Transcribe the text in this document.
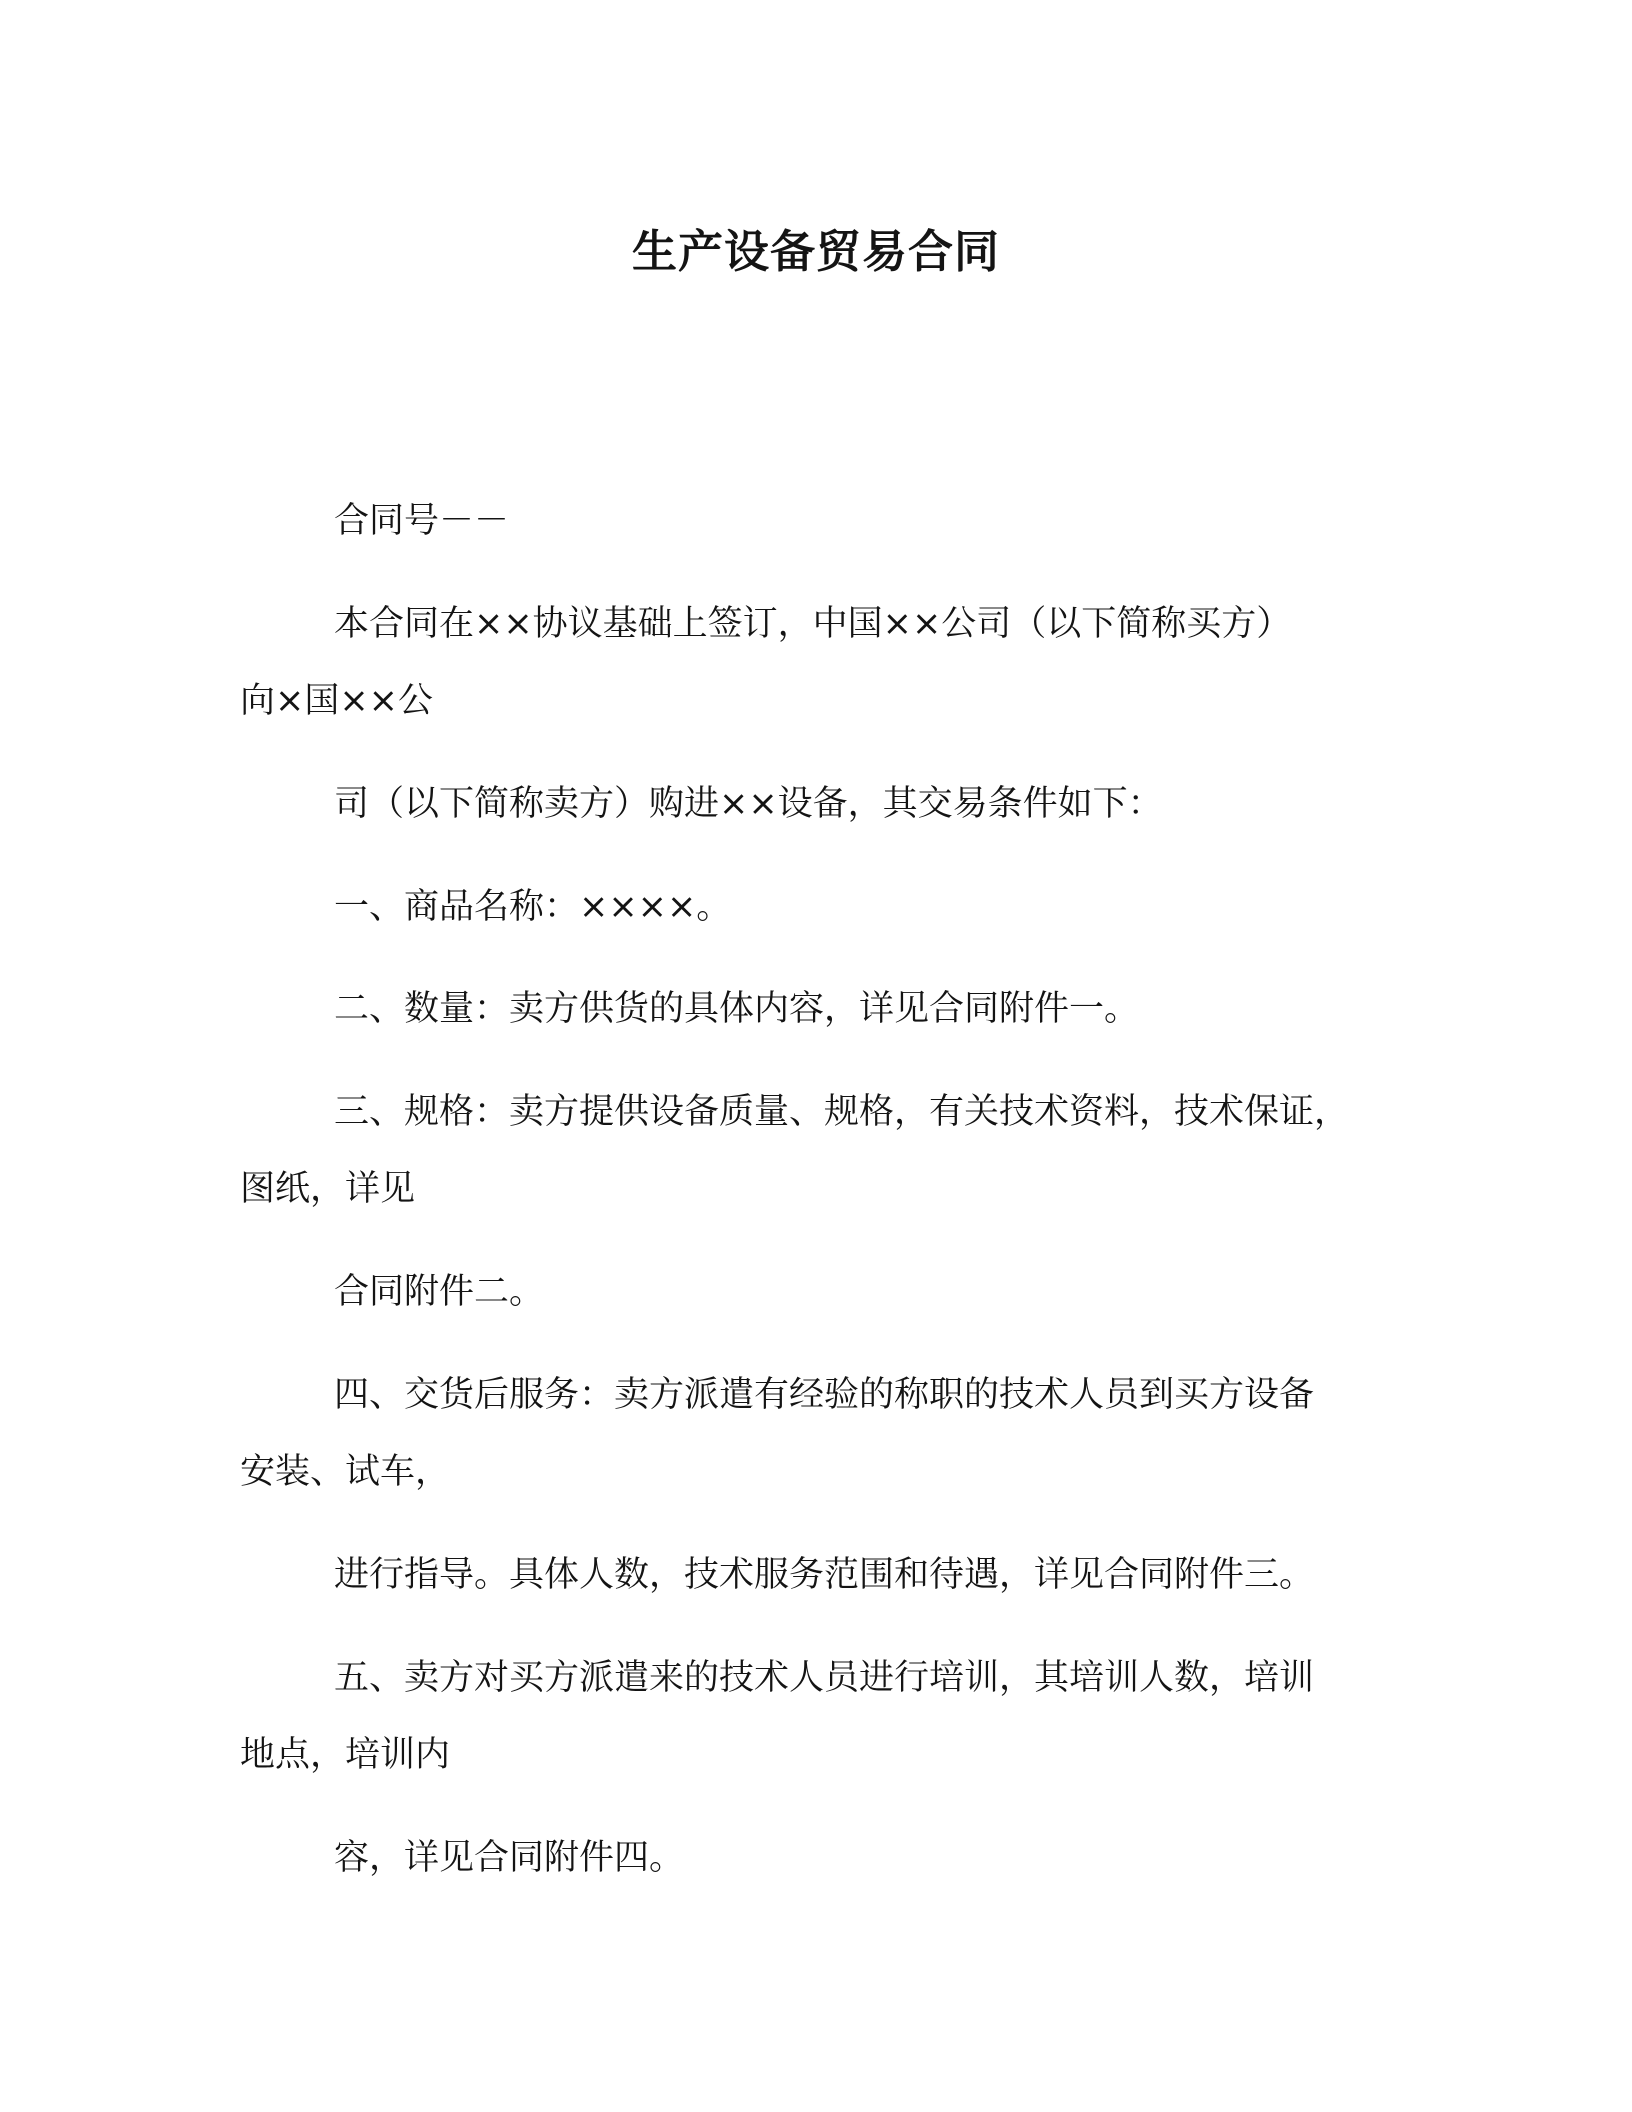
生产设备贸易合同
合同号－－
本合同在××协议基础上签订，中国××公司（以下简称买方）
向×国××公
司（以下简称卖方）购进××设备，其交易条件如下：
一、商品名称：××××。
二、数量：卖方供货的具体内容，详见合同附件一。
三、规格：卖方提供设备质量、规格，有关技术资料，技术保证，
图纸，详见
合同附件二。
四、交货后服务：卖方派遣有经验的称职的技术人员到买方设备
安装、试车，
进行指导。具体人数，技术服务范围和待遇，详见合同附件三。
五、卖方对买方派遣来的技术人员进行培训，其培训人数，培训
地点，培训内
容，详见合同附件四。
